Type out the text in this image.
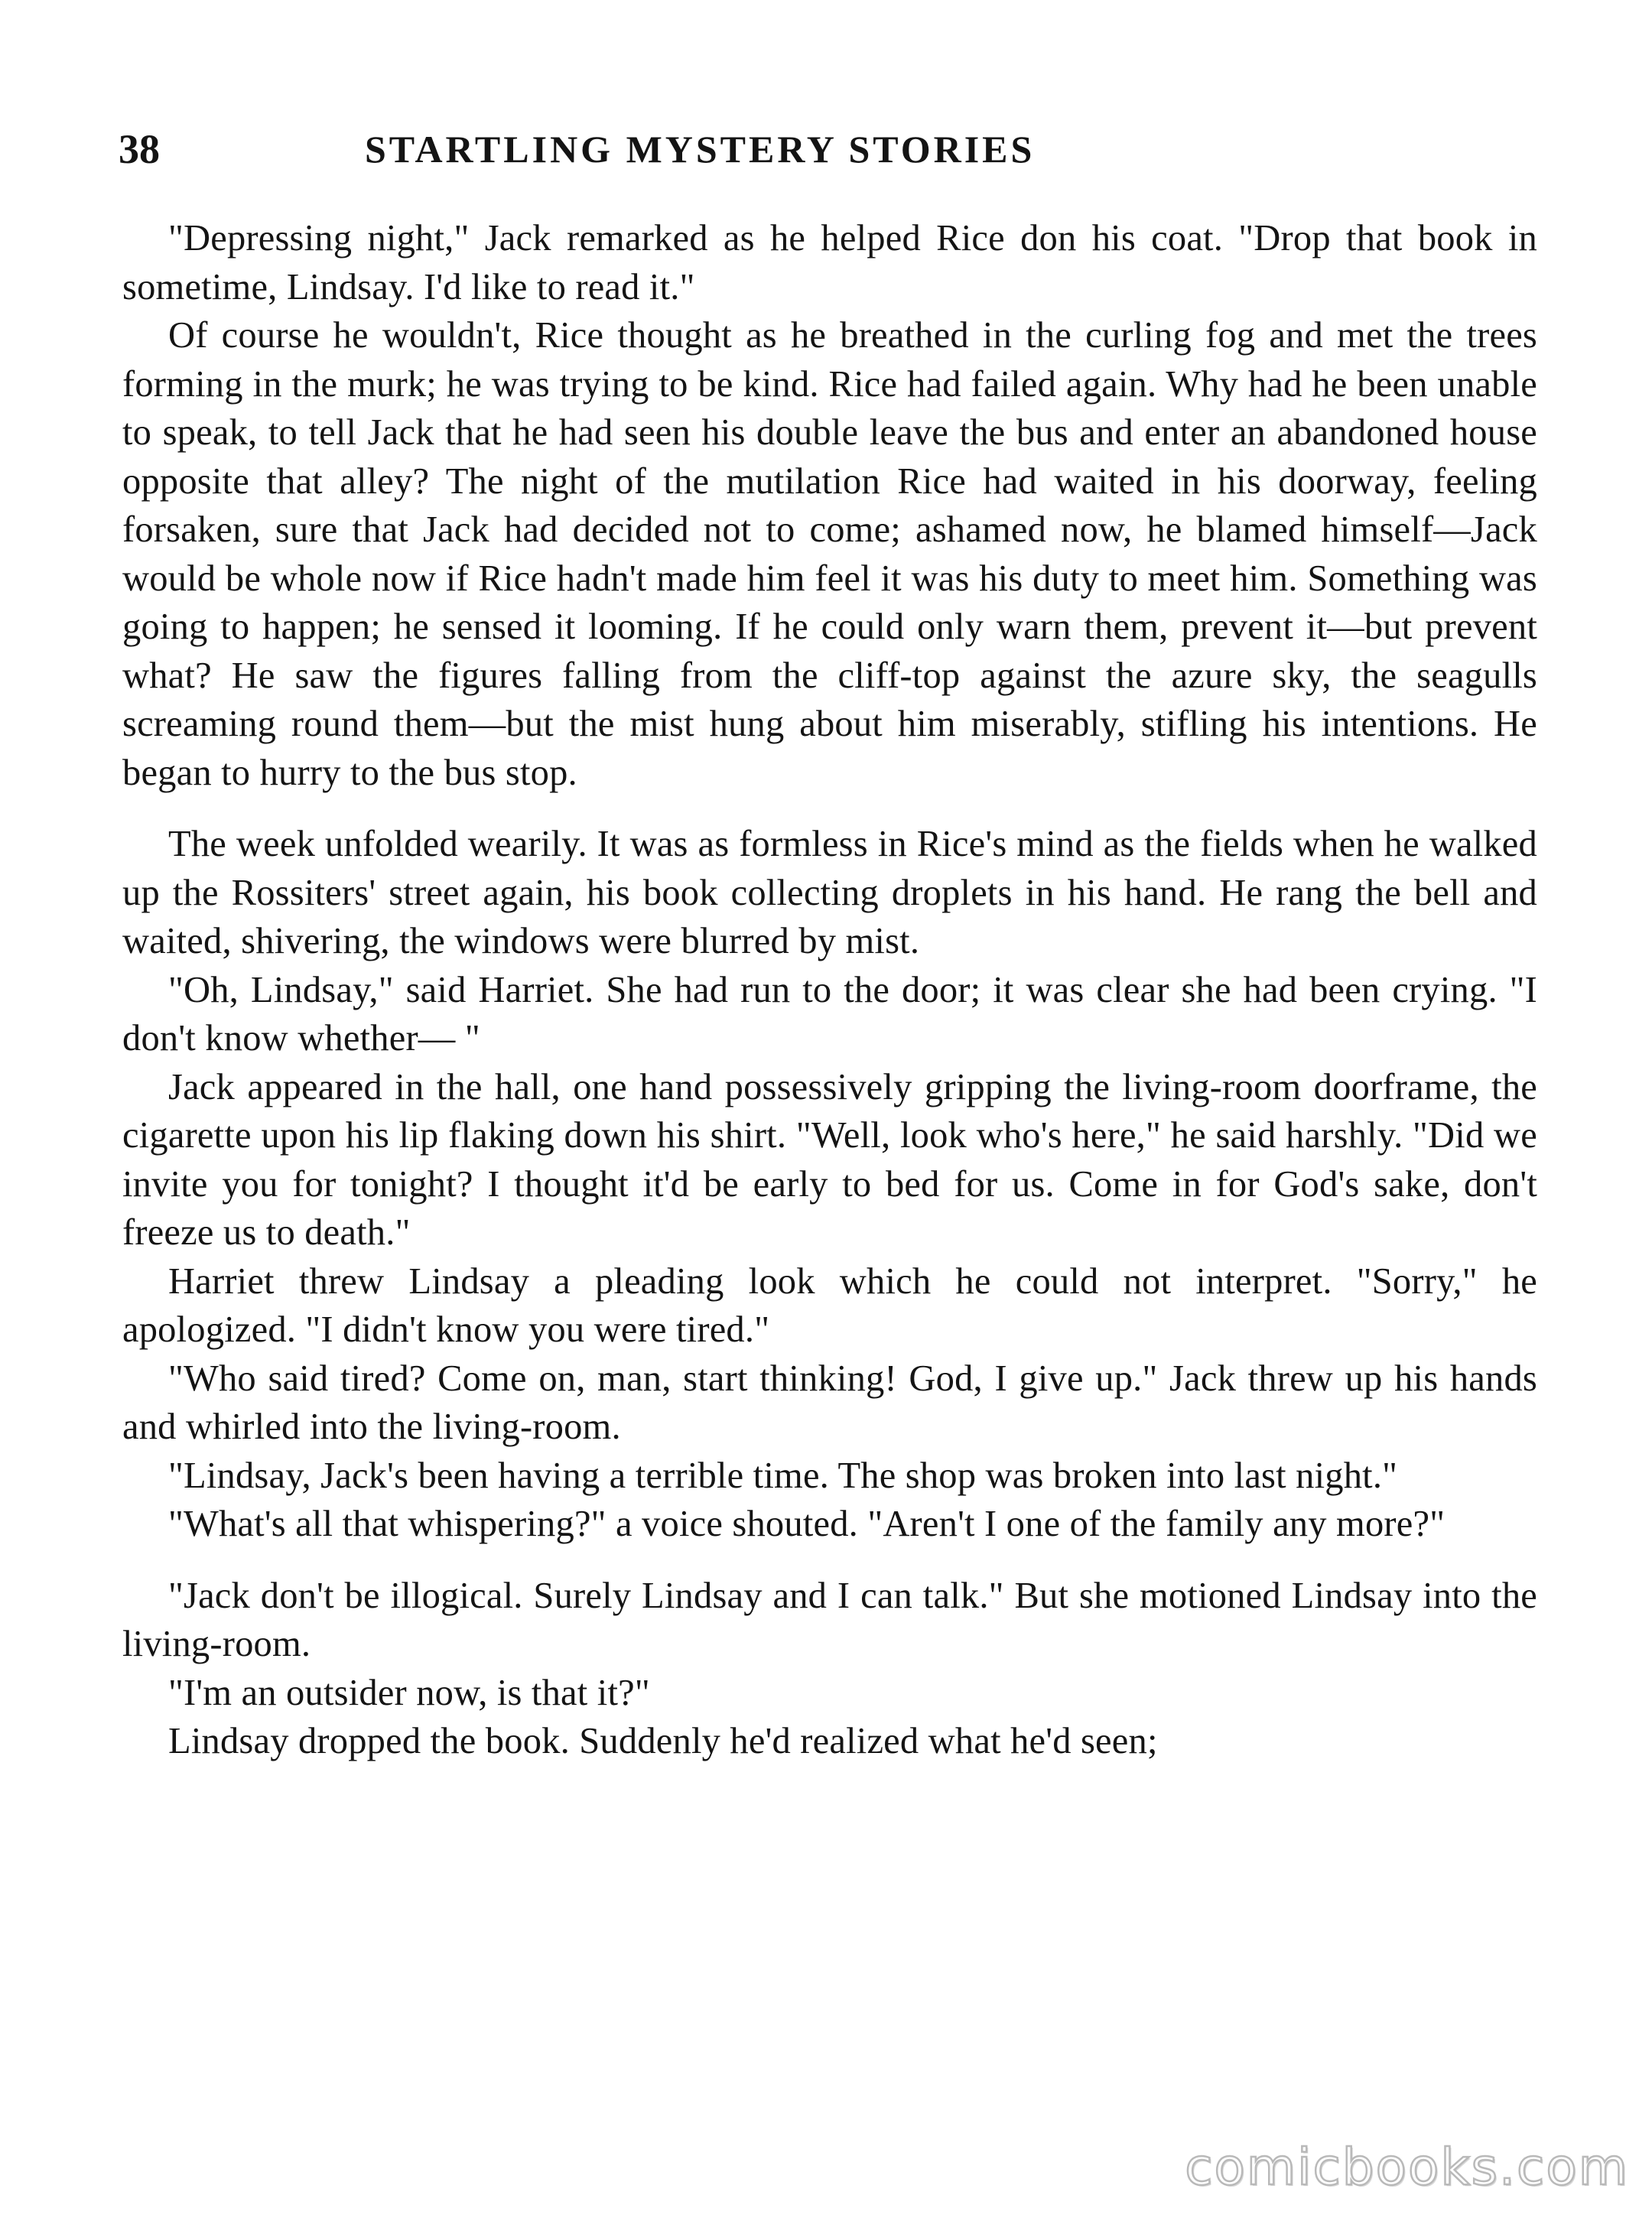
38	STARTLING MYSTERY STORIES

"Depressing night," Jack remarked as he helped Rice don his coat. "Drop that book in sometime, Lindsay. I'd like to read it."

Of course he wouldn't, Rice thought as he breathed in the curling fog and met the trees forming in the murk; he was trying to be kind. Rice had failed again. Why had he been unable to speak, to tell Jack that he had seen his double leave the bus and enter an abandoned house opposite that alley? The night of the mutilation Rice had waited in his doorway, feeling forsaken, sure that Jack had decided not to come; ashamed now, he blamed himself—Jack would be whole now if Rice hadn't made him feel it was his duty to meet him. Something was going to happen; he sensed it looming. If he could only warn them, prevent it—but prevent what? He saw the figures falling from the cliff-top against the azure sky, the seagulls screaming round them—but the mist hung about him miserably, stifling his intentions. He began to hurry to the bus stop.

The week unfolded wearily. It was as formless in Rice's mind as the fields when he walked up the Rossiters' street again, his book collecting droplets in his hand. He rang the bell and waited, shivering, the windows were blurred by mist.

"Oh, Lindsay," said Harriet. She had run to the door; it was clear she had been crying. "I don't know whether— "

Jack appeared in the hall, one hand possessively gripping the living-room doorframe, the cigarette upon his lip flaking down his shirt. "Well, look who's here," he said harshly. "Did we invite you for tonight? I thought it'd be early to bed for us. Come in for God's sake, don't freeze us to death."

Harriet threw Lindsay a pleading look which he could not interpret. "Sorry," he apologized. "I didn't know you were tired."

"Who said tired? Come on, man, start thinking! God, I give up." Jack threw up his hands and whirled into the living-room.

"Lindsay, Jack's been having a terrible time. The shop was broken into last night."

"What's all that whispering?" a voice shouted. "Aren't I one of the family any more?"

"Jack don't be illogical. Surely Lindsay and I can talk." But she motioned Lindsay into the living-room.

"I'm an outsider now, is that it?"

Lindsay dropped the book. Suddenly he'd realized what he'd seen;

comicbooks.com
